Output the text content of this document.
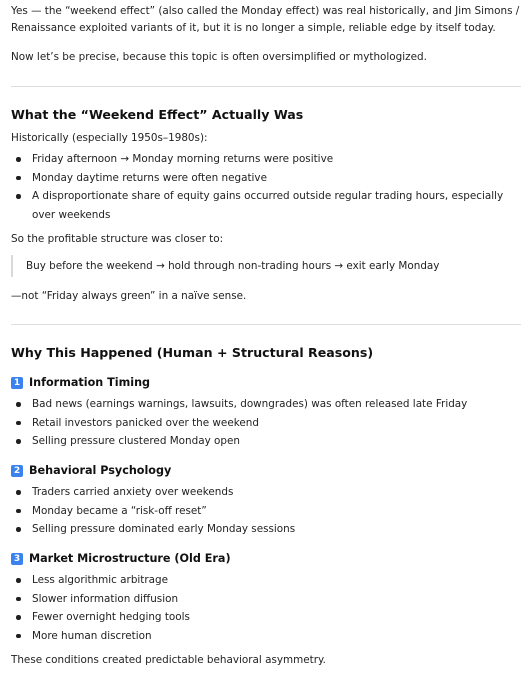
Yes — the “weekend effect” (also called the Monday effect) was real historically, and Jim Simons / Renaissance exploited variants of it, but it is no longer a simple, reliable edge by itself today.

Now let’s be precise, because this topic is often oversimplified or mythologized.

What the “Weekend Effect” Actually Was

Historically (especially 1950s–1980s):

Friday afternoon → Monday morning returns were positive
Monday daytime returns were often negative
A disproportionate share of equity gains occurred outside regular trading hours, especially over weekends

So the profitable structure was closer to:

Buy before the weekend → hold through non-trading hours → exit early Monday

—not “Friday always green” in a naïve sense.

Why This Happened (Human + Structural Reasons)
1 Information Timing
Bad news (earnings warnings, lawsuits, downgrades) was often released late Friday
Retail investors panicked over the weekend
Selling pressure clustered Monday open
2 Behavioral Psychology
Traders carried anxiety over weekends
Monday became a “risk-off reset”
Selling pressure dominated early Monday sessions
3 Market Microstructure (Old Era)
Less algorithmic arbitrage
Slower information diffusion
Fewer overnight hedging tools
More human discretion

These conditions created predictable behavioral asymmetry.
